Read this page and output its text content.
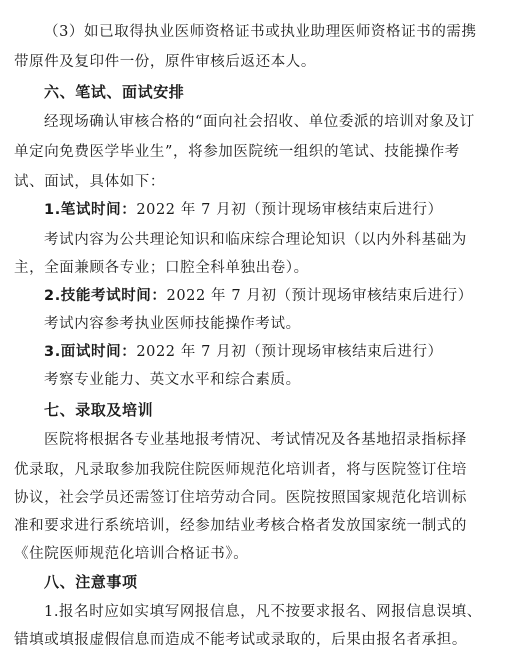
（3）如已取得执业医师资格证书或执业助理医师资格证书的需携
带原件及复印件一份，原件审核后返还本人。
六、笔试、面试安排
经现场确认审核合格的“面向社会招收、单位委派的培训对象及订
单定向免费医学毕业生”，将参加医院统一组织的笔试、技能操作考
试、面试，具体如下：
1.笔试时间：2022 年 7 月初（预计现场审核结束后进行）
考试内容为公共理论知识和临床综合理论知识（以内外科基础为
主，全面兼顾各专业；口腔全科单独出卷）。
2.技能考试时间：2022 年 7 月初（预计现场审核结束后进行）
考试内容参考执业医师技能操作考试。
3.面试时间：2022 年 7 月初（预计现场审核结束后进行）
考察专业能力、英文水平和综合素质。
七、录取及培训
医院将根据各专业基地报考情况、考试情况及各基地招录指标择
优录取，凡录取参加我院住院医师规范化培训者，将与医院签订住培
协议，社会学员还需签订住培劳动合同。医院按照国家规范化培训标
准和要求进行系统培训，经参加结业考核合格者发放国家统一制式的
《住院医师规范化培训合格证书》。
八、注意事项
1.报名时应如实填写网报信息，凡不按要求报名、网报信息误填、
错填或填报虚假信息而造成不能考试或录取的，后果由报名者承担。
